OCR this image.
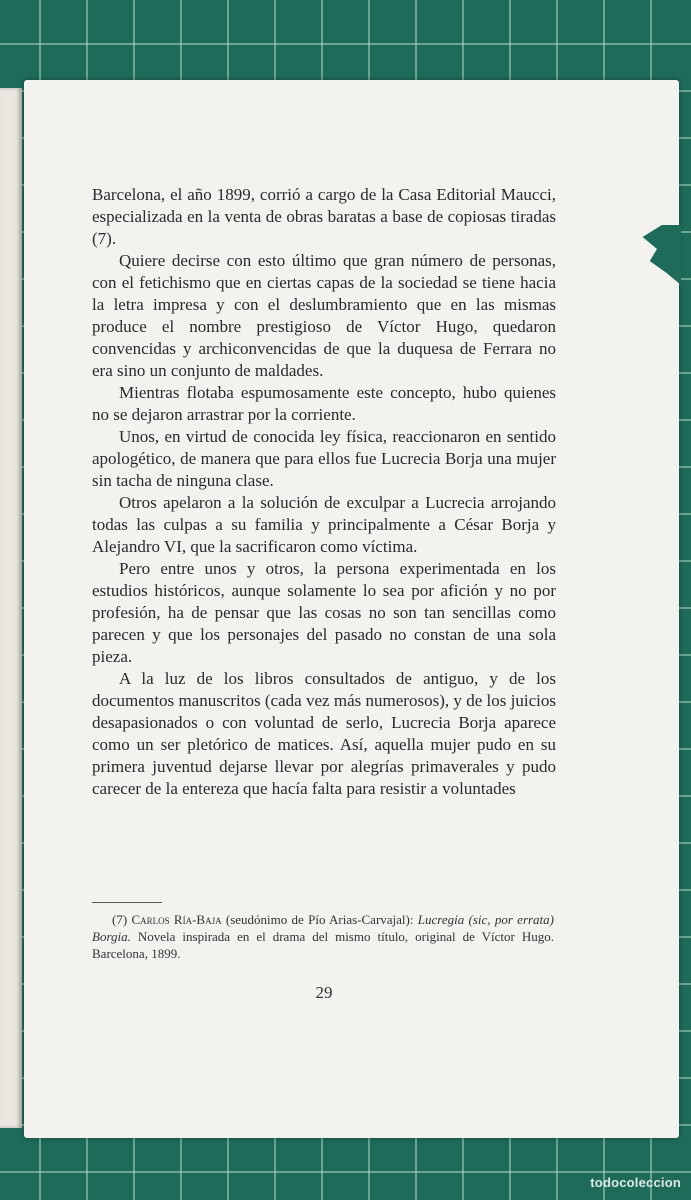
Barcelona, el año 1899, corrió a cargo de la Casa Editorial Maucci, especializada en la venta de obras baratas a base de copiosas tiradas (7).

Quiere decirse con esto último que gran número de personas, con el fetichismo que en ciertas capas de la sociedad se tiene hacia la letra impresa y con el deslumbramiento que en las mismas produce el nombre prestigioso de Víctor Hugo, quedaron convencidas y archiconvencidas de que la duquesa de Ferrara no era sino un conjunto de maldades.

Mientras flotaba espumosamente este concepto, hubo quienes no se dejaron arrastrar por la corriente.

Unos, en virtud de conocida ley física, reaccionaron en sentido apologético, de manera que para ellos fue Lucrecia Borja una mujer sin tacha de ninguna clase.

Otros apelaron a la solución de exculpar a Lucrecia arrojando todas las culpas a su familia y principalmente a César Borja y Alejandro VI, que la sacrificaron como víctima.

Pero entre unos y otros, la persona experimentada en los estudios históricos, aunque solamente lo sea por afición y no por profesión, ha de pensar que las cosas no son tan sencillas como parecen y que los personajes del pasado no constan de una sola pieza.

A la luz de los libros consultados de antiguo, y de los documentos manuscritos (cada vez más numerosos), y de los juicios desapasionados o con voluntad de serlo, Lucrecia Borja aparece como un ser pletórico de matices. Así, aquella mujer pudo en su primera juventud dejarse llevar por alegrías primaverales y pudo carecer de la entereza que hacía falta para resistir a voluntades

(7) Carlos Ría-Baja (seudónimo de Pío Arias-Carvajal): Lucregia (sic, por errata) Borgia. Novela inspirada en el drama del mismo título, original de Víctor Hugo. Barcelona, 1899.

29
todocoleccion
